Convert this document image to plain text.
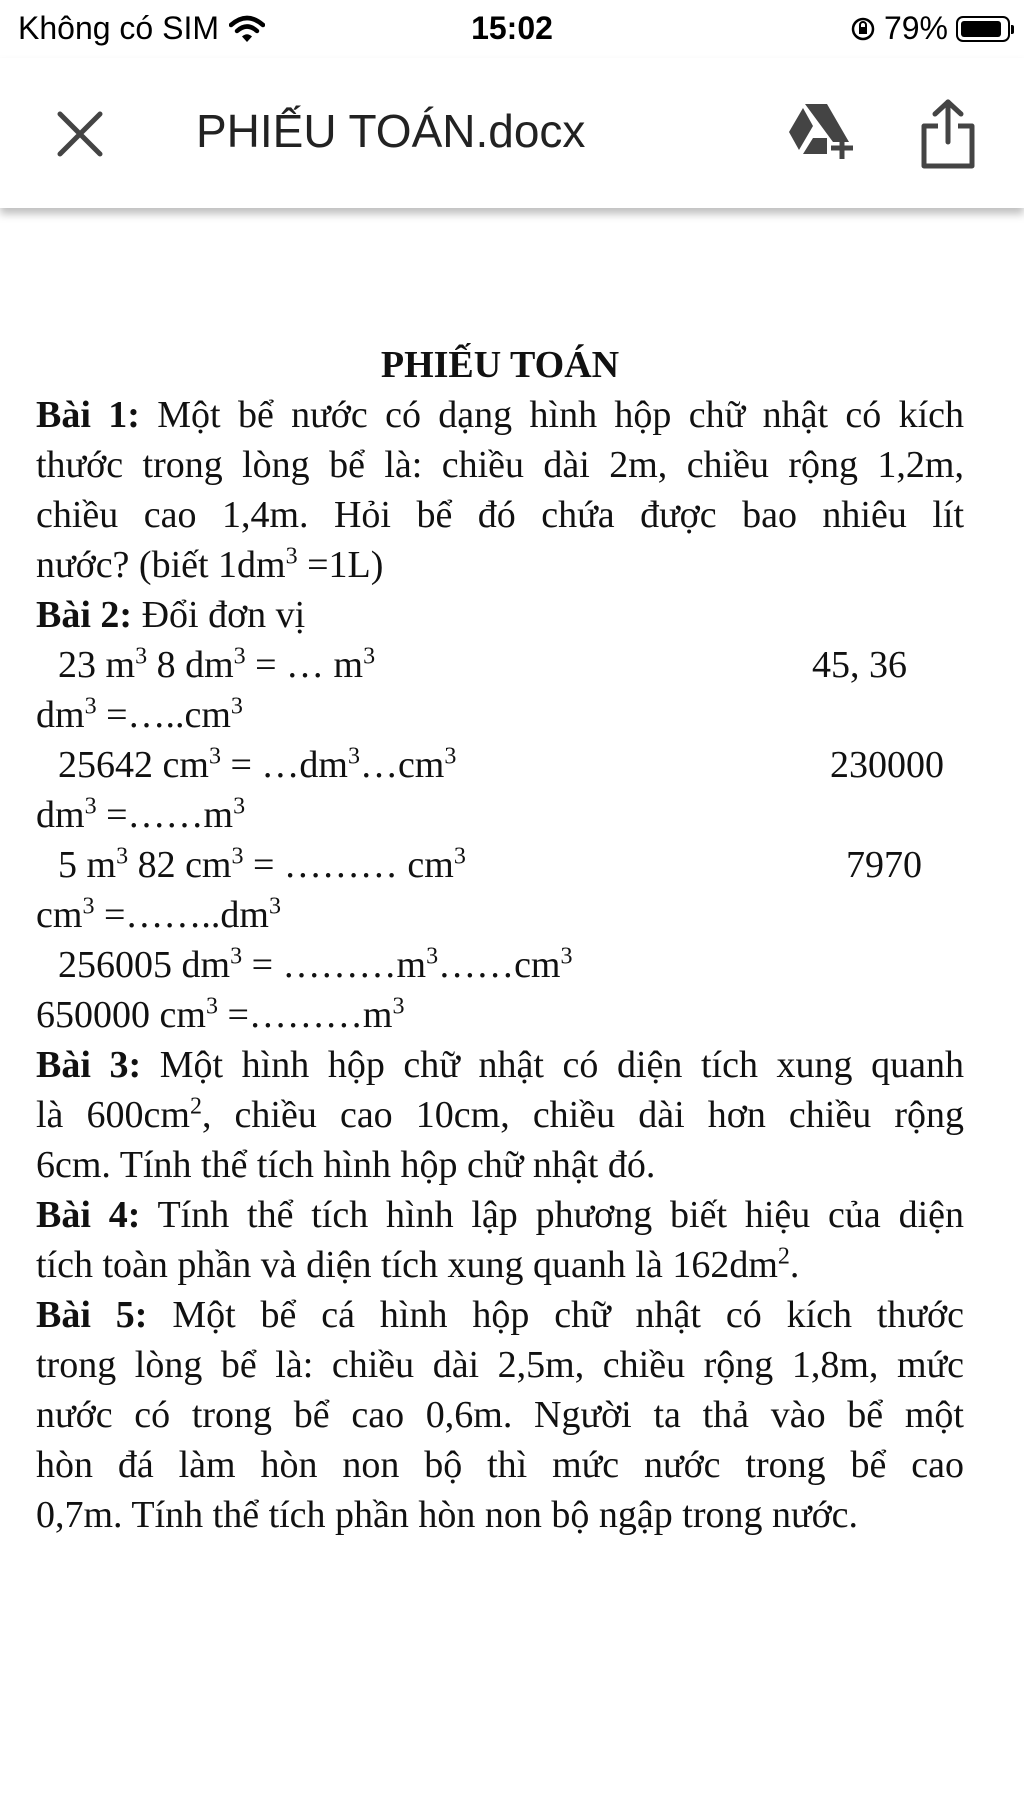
Không có SIM	15:02	79%
PHIẾU TOÁN.docx

PHIẾU TOÁN

Bài 1: Một bể nước có dạng hình hộp chữ nhật có kích

thước trong lòng bể là: chiều dài 2m, chiều rộng 1,2m,

chiều cao 1,4m. Hỏi bể đó chứa được bao nhiêu lít

nước? (biết $1dm^3 =1L$)

Bài 2: Đổi đơn vị

23 $m^3$ 8 $dm^3$ = … $m^3$	45, 36
$dm^3$ $=\dots..cm^3$
25642 $cm^3$ = $\dots dm^3\dots cm^3$	230000
$dm^3$ $=\dots\dots m^3$
5 $m^3$ 82 $cm^3$ = ……… $cm^3$	7970
$cm^3$ $=\dots\dots..dm^3$
256005 $dm^3$ = $\dots\dots\dots m^3\dots\dots cm^3$
650000 $cm^3$ $=\dots\dots\dots m^3$

Bài 3: Một hình hộp chữ nhật có diện tích xung quanh

là $600cm^2$, chiều cao 10cm, chiều dài hơn chiều rộng

6cm. Tính thể tích hình hộp chữ nhật đó.

Bài 4: Tính thể tích hình lập phương biết hiệu của diện

tích toàn phần và diện tích xung quanh là $162dm^2$.

Bài 5: Một bể cá hình hộp chữ nhật có kích thước

trong lòng bể là: chiều dài 2,5m, chiều rộng 1,8m, mức

nước có trong bể cao 0,6m. Người ta thả vào bể một

hòn đá làm hòn non bộ thì mức nước trong bể cao

0,7m. Tính thể tích phần hòn non bộ ngập trong nước.
